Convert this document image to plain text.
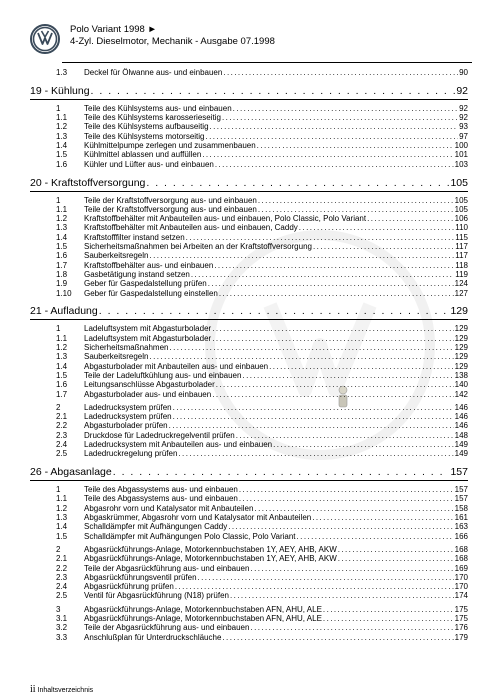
Polo Variant 1998 ►
4-Zyl. Dieselmotor, Mechanik - Ausgabe 07.1998
1.3	Deckel für Ölwanne aus- und einbauen . . .	90
19 - Kühlung . . .	92
1	Teile des Kühlsystems aus- und einbauen . . .	92
1.1	Teile des Kühlsystems karosserieseitig . . .	92
1.2	Teile des Kühlsystems aufbauseitig . . .	93
1.3	Teile des Kühlsystems motorseitig . . .	97
1.4	Kühlmittelpumpe zerlegen und zusammenbauen . . .	100
1.5	Kühlmittel ablassen und auffüllen . . .	101
1.6	Kühler und Lüfter aus- und einbauen . . .	103
20 - Kraftstoffversorgung . . .	105
1	Teile der Kraftstoffversorgung aus- und einbauen . . .	105
1.1	Teile der Kraftstoffversorgung aus- und einbauen . . .	105
1.2	Kraftstoffbehälter mit Anbauteilen aus- und einbauen, Polo Classic, Polo Variant . . .	106
1.3	Kraftstoffbehälter mit Anbauteilen aus- und einbauen, Caddy . . .	110
1.4	Kraftstofffilter instand setzen . . .	115
1.5	Sicherheitsmaßnahmen bei Arbeiten an der Kraftstoffversorgung . . .	117
1.6	Sauberkeitsregeln . . .	117
1.7	Kraftstoffbehälter aus- und einbauen . . .	118
1.8	Gasbetätigung instand setzen . . .	119
1.9	Geber für Gaspedalstellung prüfen . . .	124
1.10	Geber für Gaspedalstellung einstellen . . .	127
21 - Aufladung . . .	129
1	Ladeluftsystem mit Abgasturbolader . . .	129
1.1	Ladeluftsystem mit Abgasturbolader . . .	129
1.2	Sicherheitsmaßnahmen . . .	129
1.3	Sauberkeitsregeln . . .	129
1.4	Abgasturbolader mit Anbauteilen aus- und einbauen . . .	129
1.5	Teile der Ladeluftkühlung aus- und einbauen . . .	138
1.6	Leitungsanschlüsse Abgasturbolader . . .	140
1.7	Abgasturbolader aus- und einbauen . . .	142
2	Ladedrucksystem prüfen . . .	146
2.1	Ladedrucksystem prüfen . . .	146
2.2	Abgasturbolader prüfen . . .	146
2.3	Druckdose für Ladedruckregelventil prüfen . . .	148
2.4	Ladedrucksystem mit Anbauteilen aus- und einbauen . . .	149
2.5	Ladedruckregelung prüfen . . .	149
26 - Abgasanlage . . .	157
1	Teile des Abgassystems aus- und einbauen . . .	157
1.1	Teile des Abgassystems aus- und einbauen . . .	157
1.2	Abgasrohr vorn und Katalysator mit Anbauteilen . . .	158
1.3	Abgaskrümmer, Abgasrohr vorn und Katalysator mit Anbauteilen . . .	161
1.4	Schalldämpfer mit Aufhängungen Caddy . . .	163
1.5	Schalldämpfer mit Aufhängungen Polo Classic, Polo Variant . . .	166
2	Abgasrückführungs-Anlage, Motorkennbuchstaben 1Y, AEY, AHB, AKW . . .	168
2.1	Abgasrückführungs-Anlage, Motorkennbuchstaben 1Y, AEY, AHB, AKW . . .	168
2.2	Teile der Abgasrückführung aus- und einbauen . . .	169
2.3	Abgasrückführungsventil prüfen . . .	170
2.4	Abgasrückführung prüfen . . .	170
2.5	Ventil für Abgasrückführung (N18) prüfen . . .	174
3	Abgasrückführungs-Anlage, Motorkennbuchstaben AFN, AHU, ALE . . .	175
3.1	Abgasrückführungs-Anlage, Motorkennbuchstaben AFN, AHU, ALE . . .	175
3.2	Teile der Abgasrückführung aus- und einbauen . . .	176
3.3	Anschlußplan für Unterdruckschläuche . . .	179
ii Inhaltsverzeichnis
